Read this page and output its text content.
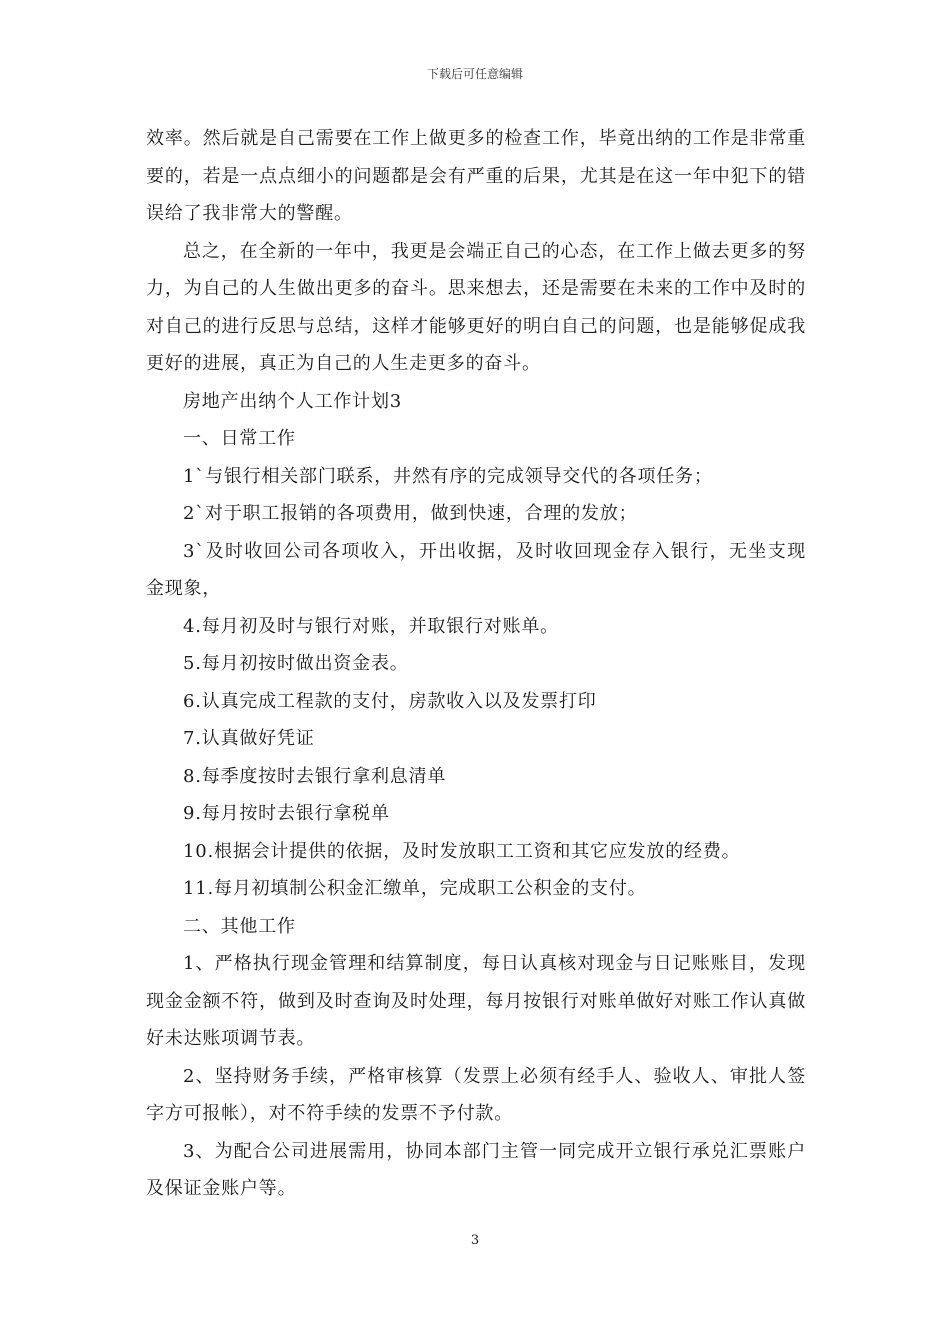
下载后可任意编辑

效率。然后就是自己需要在工作上做更多的检查工作，毕竟出纳的工作是非常重要的，若是一点点细小的问题都是会有严重的后果，尤其是在这一年中犯下的错误给了我非常大的警醒。

总之，在全新的一年中，我更是会端正自己的心态，在工作上做去更多的努力，为自己的人生做出更多的奋斗。思来想去，还是需要在未来的工作中及时的对自己的进行反思与总结，这样才能够更好的明白自己的问题，也是能够促成我更好的进展，真正为自己的人生走更多的奋斗。

房地产出纳个人工作计划3

一、日常工作

1`与银行相关部门联系，井然有序的完成领导交代的各项任务；

2`对于职工报销的各项费用，做到快速，合理的发放；

3`及时收回公司各项收入，开出收据，及时收回现金存入银行，无坐支现金现象，

4.每月初及时与银行对账，并取银行对账单。

5.每月初按时做出资金表。

6.认真完成工程款的支付，房款收入以及发票打印

7.认真做好凭证

8.每季度按时去银行拿利息清单

9.每月按时去银行拿税单

10.根据会计提供的依据，及时发放职工工资和其它应发放的经费。

11.每月初填制公积金汇缴单，完成职工公积金的支付。

二、其他工作

1、严格执行现金管理和结算制度，每日认真核对现金与日记账账目，发现现金金额不符，做到及时查询及时处理，每月按银行对账单做好对账工作认真做好未达账项调节表。

2、坚持财务手续，严格审核算（发票上必须有经手人、验收人、审批人签字方可报帐），对不符手续的发票不予付款。

3、为配合公司进展需用，协同本部门主管一同完成开立银行承兑汇票账户及保证金账户等。

3
